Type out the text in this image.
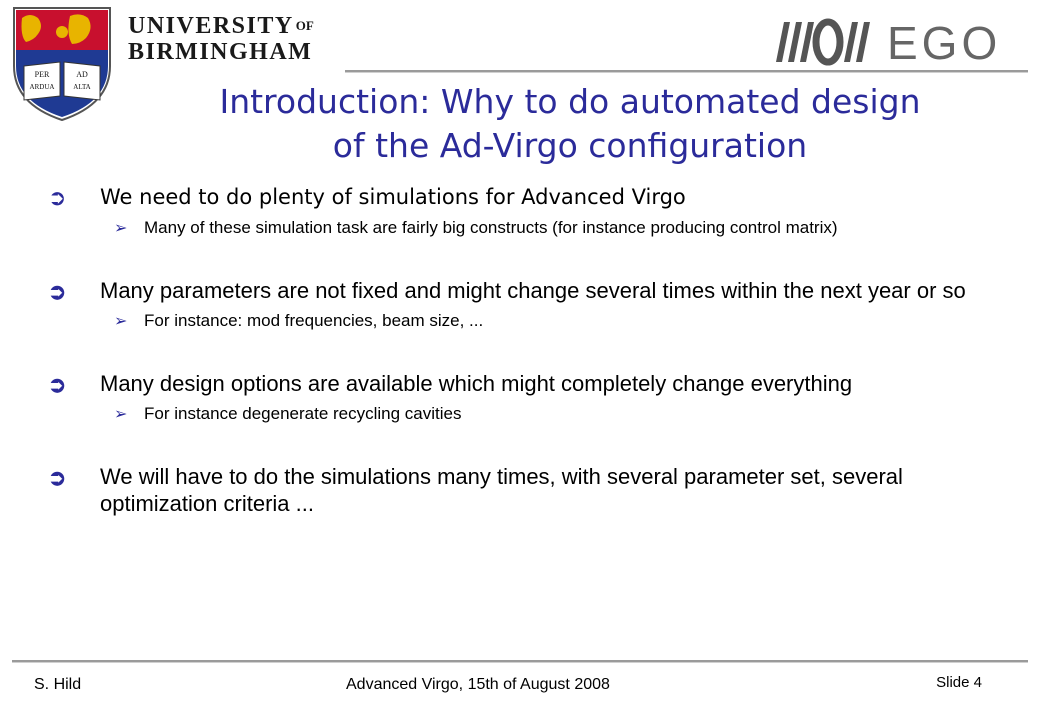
PER
ARDUA
AD
ALTA
UNIVERSITY $^{OF}$
BIRMINGHAM	EGO
Introduction: Why to do automated design
of the Ad-Virgo configuration
➲ We need to do plenty of simulations for Advanced Virgo
➢ Many of these simulation task are fairly big constructs (for instance producing control matrix)
➲ Many parameters are not fixed and might change several times within the next year or so
➢ For instance: mod frequencies, beam size, ...
➲ Many design options are available which might completely change everything
➢ For instance degenerate recycling cavities
➲ We will have to do the simulations many times, with several parameter set, several optimization criteria ...
S. Hild	Advanced Virgo, 15th of August 2008	Slide 4
